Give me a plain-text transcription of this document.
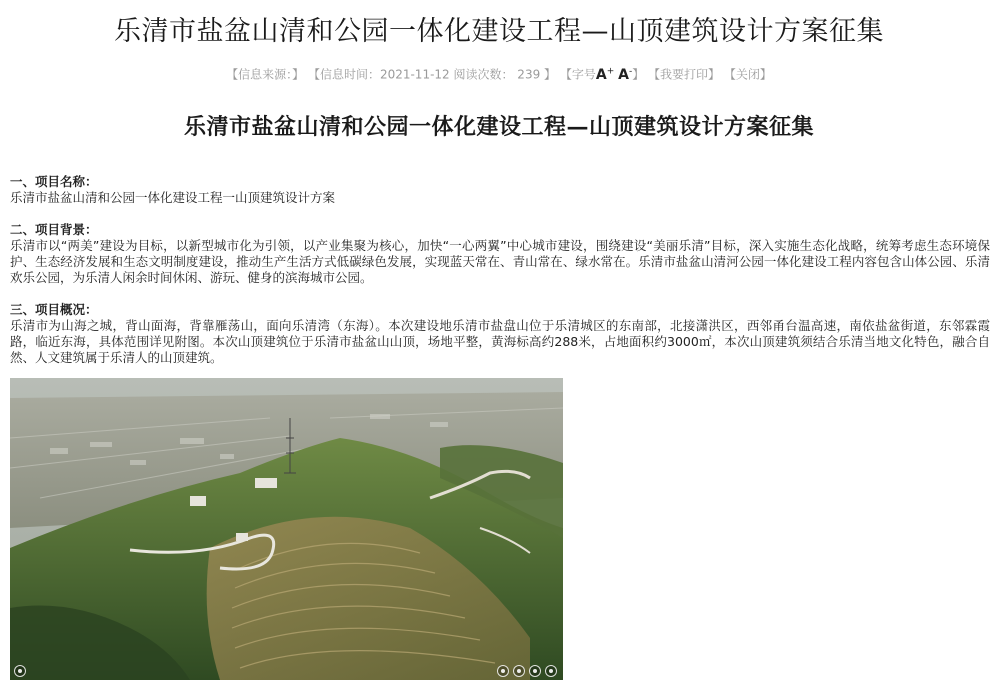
乐清市盐盆山清和公园一体化建设工程—山顶建筑设计方案征集
【信息来源：】 【信息时间：2021-11-12 阅读次数： 239 】 【字号A+ A-】 【我要打印】 【关闭】
乐清市盐盆山清和公园一体化建设工程—山顶建筑设计方案征集

一、项目名称：

乐清市盐盆山清和公园一体化建设工程一山顶建筑设计方案

二、项目背景：

乐清市以“两美”建设为目标，以新型城市化为引领，以产业集聚为核心，加快“一心两翼”中心城市建设，围绕建设“美丽乐清”目标，深入实施生态化战略，统筹考虑生态环境保护、生态经济发展和生态文明制度建设，推动生产生活方式低碳绿色发展，实现蓝天常在、青山常在、绿水常在。乐清市盐盆山清河公园一体化建设工程内容包含山体公园、乐清欢乐公园，为乐清人闲余时间休闲、游玩、健身的滨海城市公园。

三、项目概况：

乐清市为山海之城，背山面海，背靠雁荡山，面向乐清湾（东海）。本次建设地乐清市盐盘山位于乐清城区的东南部，北接潇洪区，西邻甬台温高速，南依盐盆街道，东邻霖霞路，临近东海，具体范围详见附图。本次山顶建筑位于乐清市盐盆山山顶，场地平整，黄海标高约288米，占地面积约3000㎡，本次山顶建筑须结合乐清当地文化特色，融合自然、人文建筑属于乐清人的山顶建筑。
